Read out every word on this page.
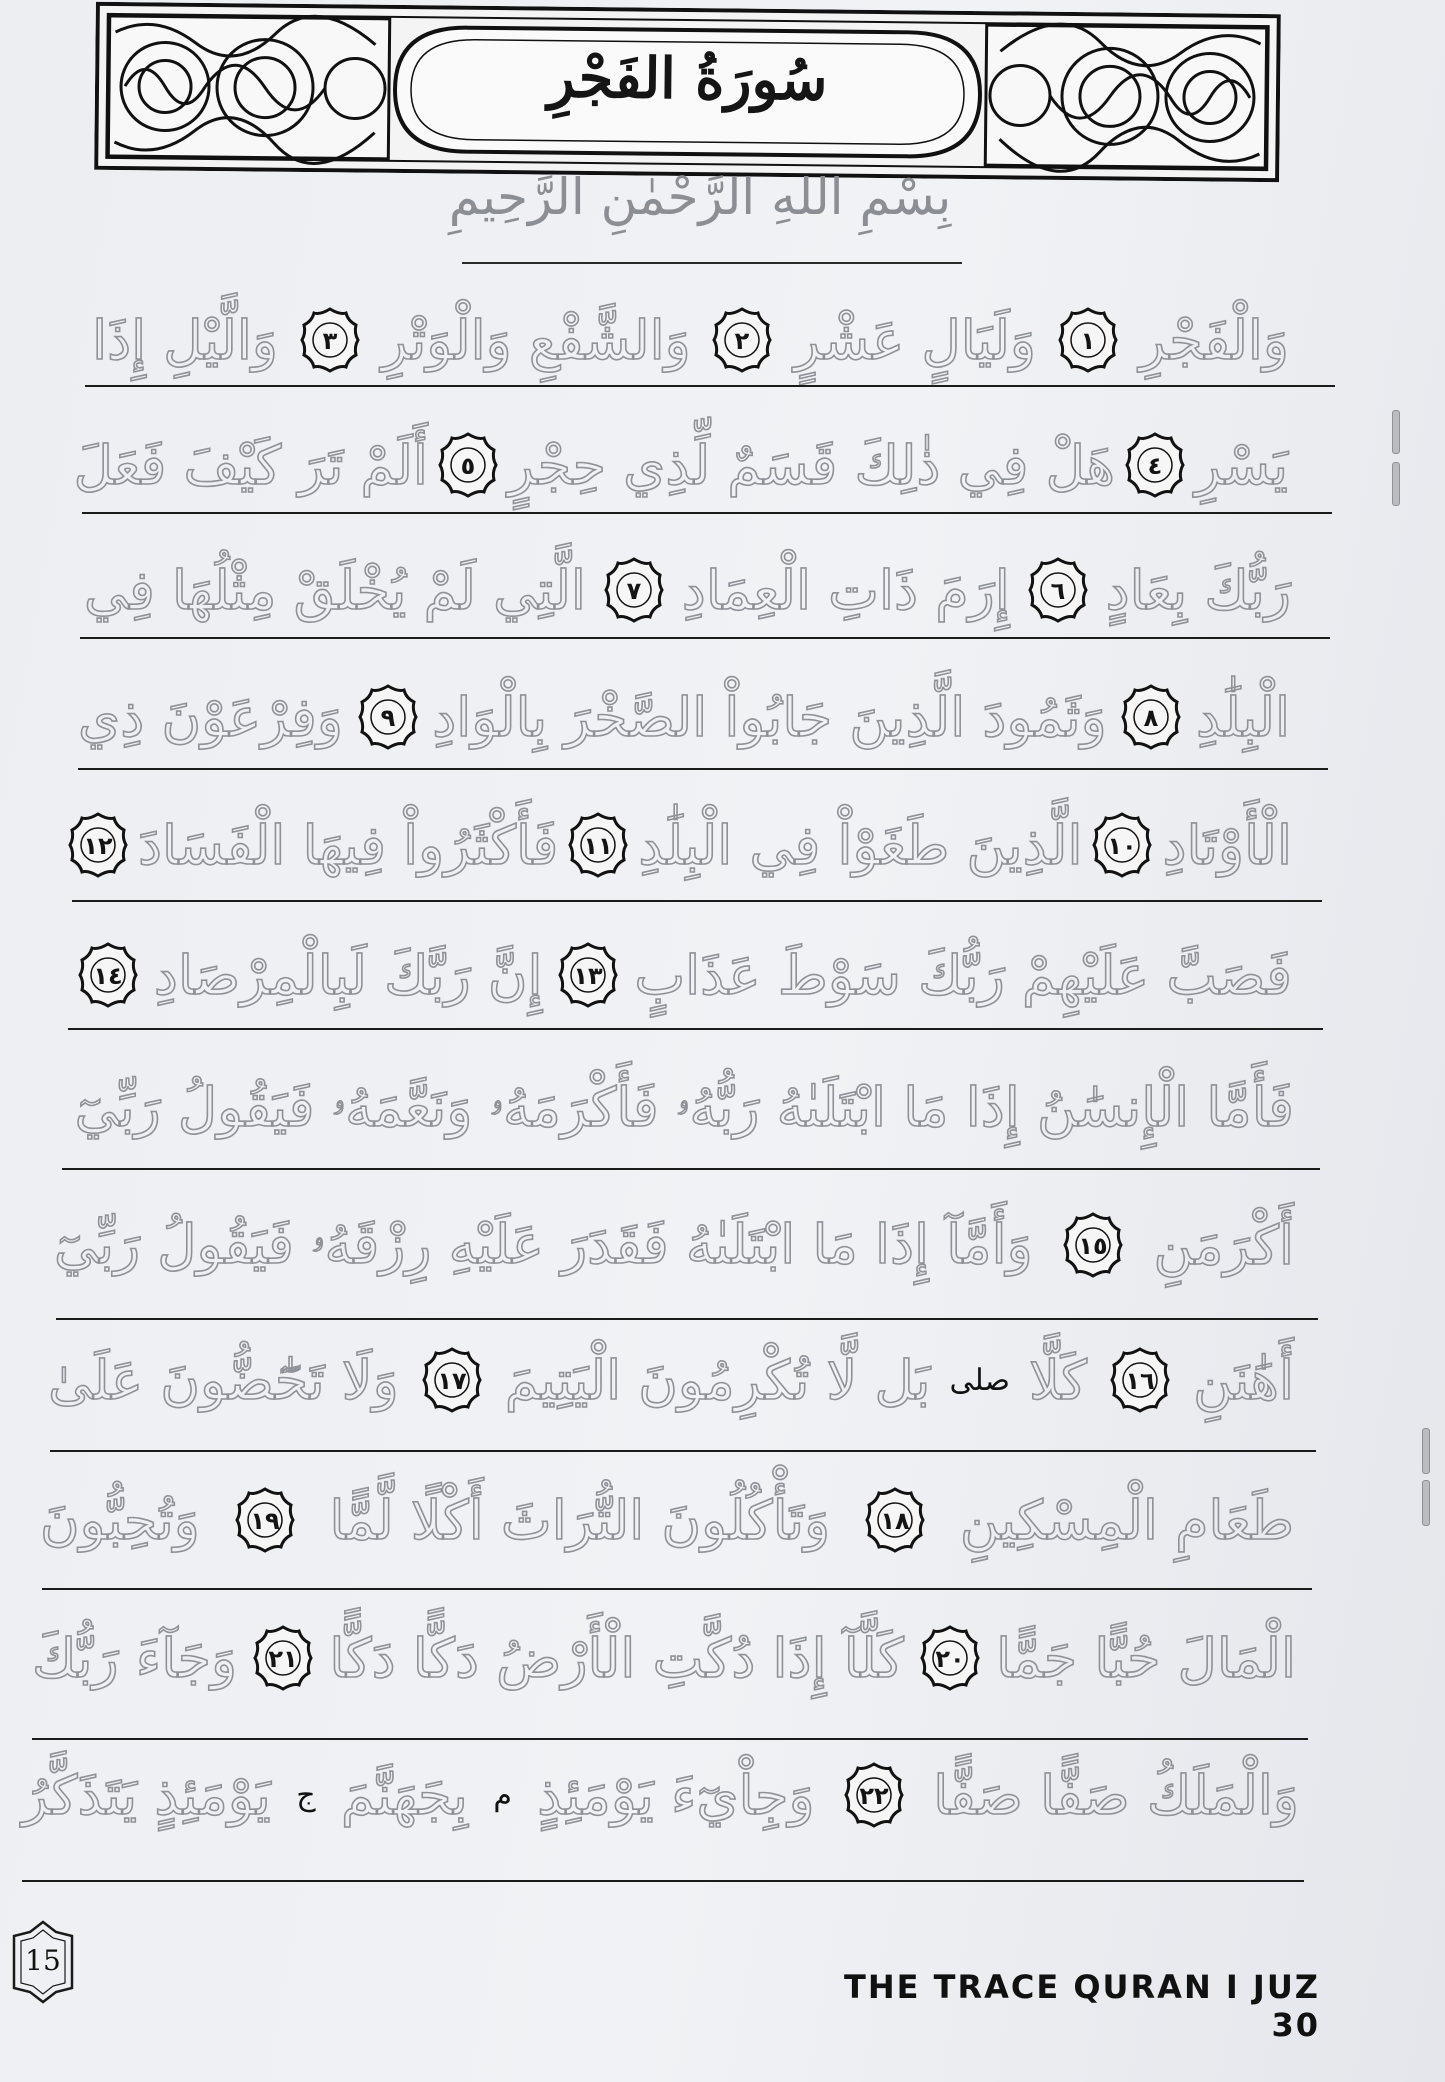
سُورَةُ الفَجْرِ
بِسْمِ اللهِ الرَّحْمٰنِ الرَّحِيمِ
وَالْفَجْرِ
١
وَلَيَالٍ عَشْرٍ
٢
وَالشَّفْعِ وَالْوَتْرِ
٣
وَالَّيْلِ إِذَا
يَسْرِ
٤
هَلْ فِي ذٰلِكَ قَسَمٌ لِّذِي حِجْرٍ
٥
أَلَمْ تَرَ كَيْفَ فَعَلَ
رَبُّكَ بِعَادٍ
٦
إِرَمَ ذَاتِ الْعِمَادِ
٧
الَّتِي لَمْ يُخْلَقْ مِثْلُهَا فِي
الْبِلَٰدِ
٨
وَثَمُودَ الَّذِينَ جَابُواْ الصَّخْرَ بِالْوَادِ
٩
وَفِرْعَوْنَ ذِي
الْأَوْتَادِ
١٠
الَّذِينَ طَغَوْاْ فِي الْبِلَٰدِ
١١
فَأَكْثَرُواْ فِيهَا الْفَسَادَ
١٢
فَصَبَّ عَلَيْهِمْ رَبُّكَ سَوْطَ عَذَابٍ
١٣
إِنَّ رَبَّكَ لَبِالْمِرْصَادِ
١٤
فَأَمَّا الْإِنسَٰنُ إِذَا مَا ابْتَلَىٰهُ رَبُّهُۥ فَأَكْرَمَهُۥ وَنَعَّمَهُۥ فَيَقُولُ رَبِّيٓ
أَكْرَمَنِ
١٥
وَأَمَّآ إِذَا مَا ابْتَلَىٰهُ فَقَدَرَ عَلَيْهِ رِزْقَهُۥ فَيَقُولُ رَبِّيٓ
أَهَٰنَنِ
١٦
كَلَّا
صلى
بَل لَّا تُكْرِمُونَ الْيَتِيمَ
١٧
وَلَا تَحَٰٓضُّونَ عَلَىٰ
طَعَامِ الْمِسْكِينِ
١٨
وَتَأْكُلُونَ التُّرَاثَ أَكْلًا لَّمًّا
١٩
وَتُحِبُّونَ
الْمَالَ حُبًّا جَمًّا
٢٠
كَلَّآ إِذَا دُكَّتِ الْأَرْضُ دَكًّا دَكًّا
٢١
وَجَآءَ رَبُّكَ
وَالْمَلَكُ صَفًّا صَفًّا
٢٢
وَجِاْيٓءَ يَوْمَئِذٍ
م
بِجَهَنَّمَ
ج
يَوْمَئِذٍ يَتَذَكَّرُ
15
THE TRACE QURAN I JUZ 30
